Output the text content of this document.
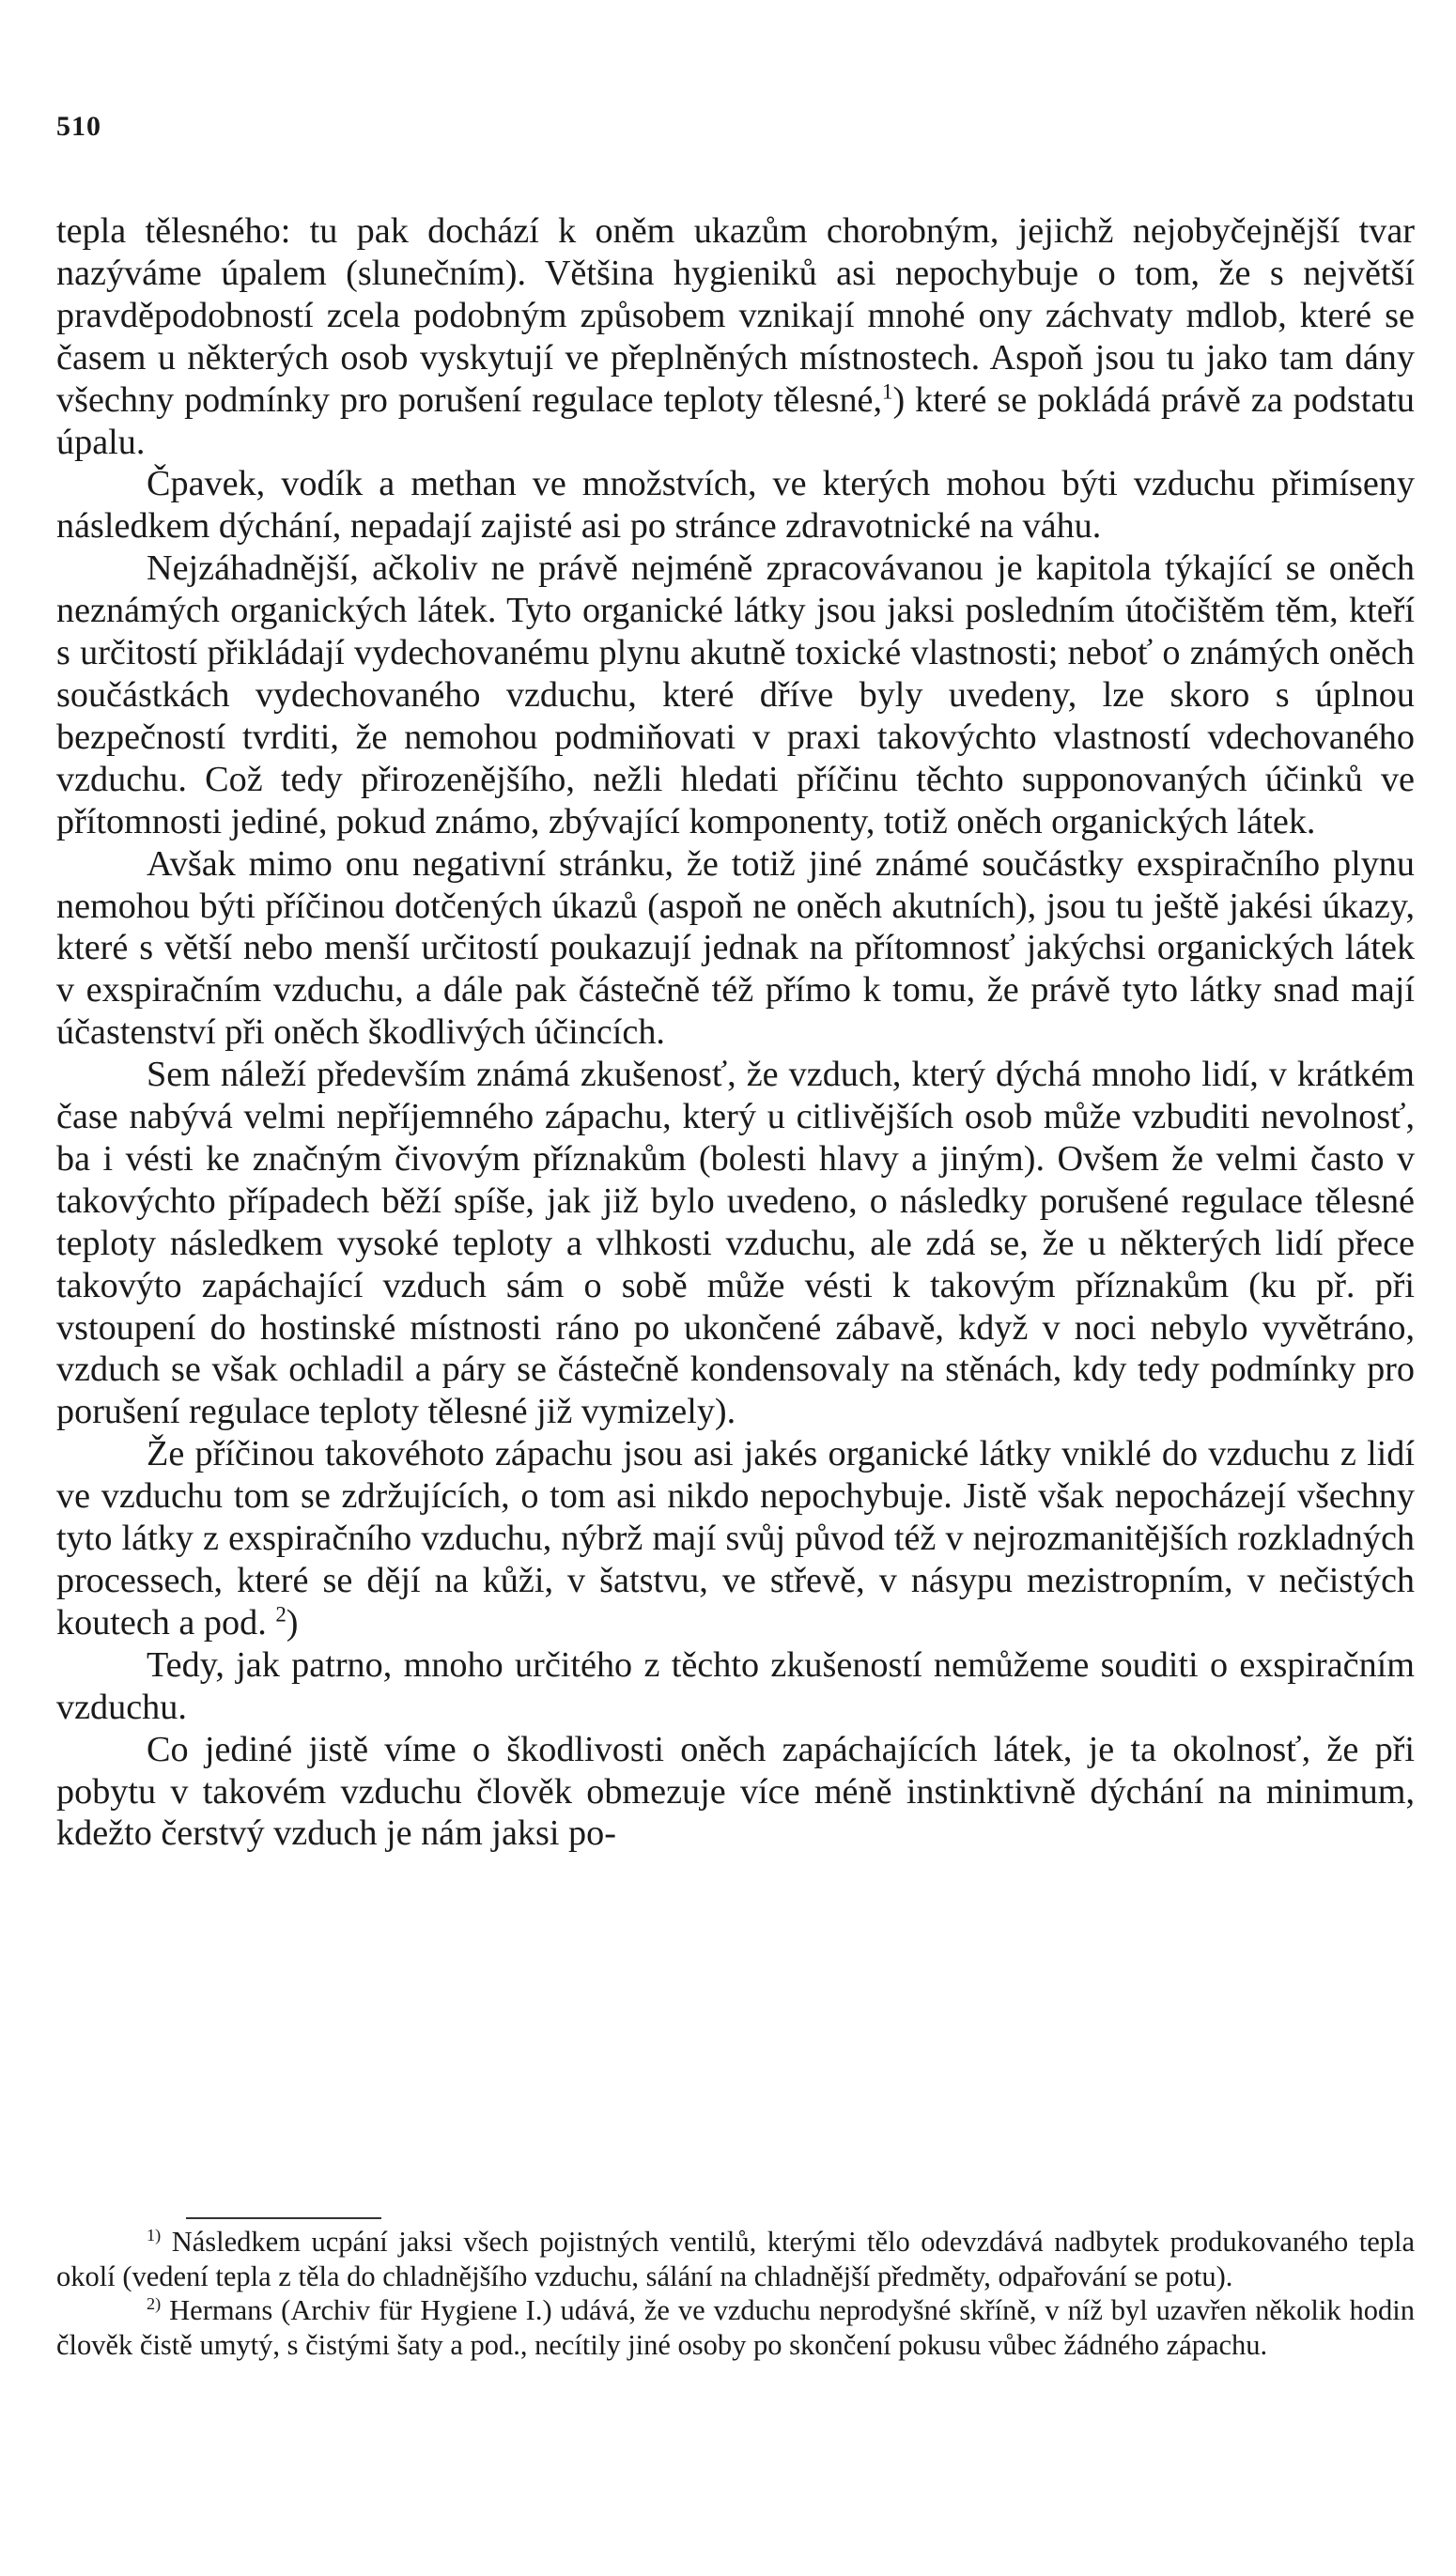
510

tepla tělesného: tu pak dochází k oněm ukazům chorobným, jejichž nejobyčejnější tvar nazýváme úpalem (slunečním). Většina hygieniků asi nepochybuje o tom, že s největší pravděpodobností zcela podobným způsobem vznikají mnohé ony záchvaty mdlob, které se časem u některých osob vyskytují ve přeplněných místnostech. Aspoň jsou tu jako tam dány všechny podmínky pro porušení regulace teploty tělesné,$^1$) které se pokládá právě za podstatu úpalu.

Čpavek, vodík a methan ve množstvích, ve kterých mohou býti vzduchu přimíseny následkem dýchání, nepadají zajisté asi po stránce zdravotnické na váhu.

Nejzáhadnější, ačkoliv ne právě nejméně zpracovávanou je kapitola týkající se oněch neznámých organických látek. Tyto organické látky jsou jaksi posledním útočištěm těm, kteří s určitostí přikládají vydechovanému plynu akutně toxické vlastnosti; neboť o známých oněch součástkách vydechovaného vzduchu, které dříve byly uvedeny, lze skoro s úplnou bezpečností tvrditi, že nemohou podmiňovati v praxi takovýchto vlastností vdechovaného vzduchu. Což tedy přirozenějšího, nežli hledati příčinu těchto supponovaných účinků ve přítomnosti jediné, pokud známo, zbývající komponenty, totiž oněch organických látek.

Avšak mimo onu negativní stránku, že totiž jiné známé součástky exspiračního plynu nemohou býti příčinou dotčených úkazů (aspoň ne oněch akutních), jsou tu ještě jakési úkazy, které s větší nebo menší určitostí poukazují jednak na přítomnosť jakýchsi organických látek v exspiračním vzduchu, a dále pak částečně též přímo k tomu, že právě tyto látky snad mají účastenství při oněch škodlivých účincích.

Sem náleží především známá zkušenosť, že vzduch, který dýchá mnoho lidí, v krátkém čase nabývá velmi nepříjemného zápachu, který u citlivějších osob může vzbuditi nevolnosť, ba i vésti ke značným čivovým příznakům (bolesti hlavy a jiným). Ovšem že velmi často v takovýchto případech běží spíše, jak již bylo uvedeno, o následky porušené regulace tělesné teploty následkem vysoké teploty a vlhkosti vzduchu, ale zdá se, že u některých lidí přece takovýto zapáchající vzduch sám o sobě může vésti k takovým příznakům (ku př. při vstoupení do hostinské místnosti ráno po ukončené zábavě, když v noci nebylo vyvětráno, vzduch se však ochladil a páry se částečně kondensovaly na stěnách, kdy tedy podmínky pro porušení regulace teploty tělesné již vymizely).

Že příčinou takovéhoto zápachu jsou asi jakés organické látky vniklé do vzduchu z lidí ve vzduchu tom se zdržujících, o tom asi nikdo nepochybuje. Jistě však nepocházejí všechny tyto látky z exspiračního vzduchu, nýbrž mají svůj původ též v nejrozmanitějších rozkladných processech, které se dějí na kůži, v šatstvu, ve střevě, v násypu mezistropním, v nečistých koutech a pod. $^2$)

Tedy, jak patrno, mnoho určitého z těchto zkušeností nemůžeme souditi o exspiračním vzduchu.

Co jediné jistě víme o škodlivosti oněch zapáchajících látek, je ta okolnosť, že při pobytu v takovém vzduchu člověk obmezuje více méně instinktivně dýchání na minimum, kdežto čerstvý vzduch je nám jaksi po-

$^{1)}$ Následkem ucpání jaksi všech pojistných ventilů, kterými tělo odevzdává nadbytek produkovaného tepla okolí (vedení tepla z těla do chladnějšího vzduchu, sálání na chladnější předměty, odpařování se potu).

$^{2)}$ Hermans (Archiv für Hygiene I.) udává, že ve vzduchu neprodyšné skříně, v níž byl uzavřen několik hodin člověk čistě umytý, s čistými šaty a pod., necítily jiné osoby po skončení pokusu vůbec žádného zápachu.
